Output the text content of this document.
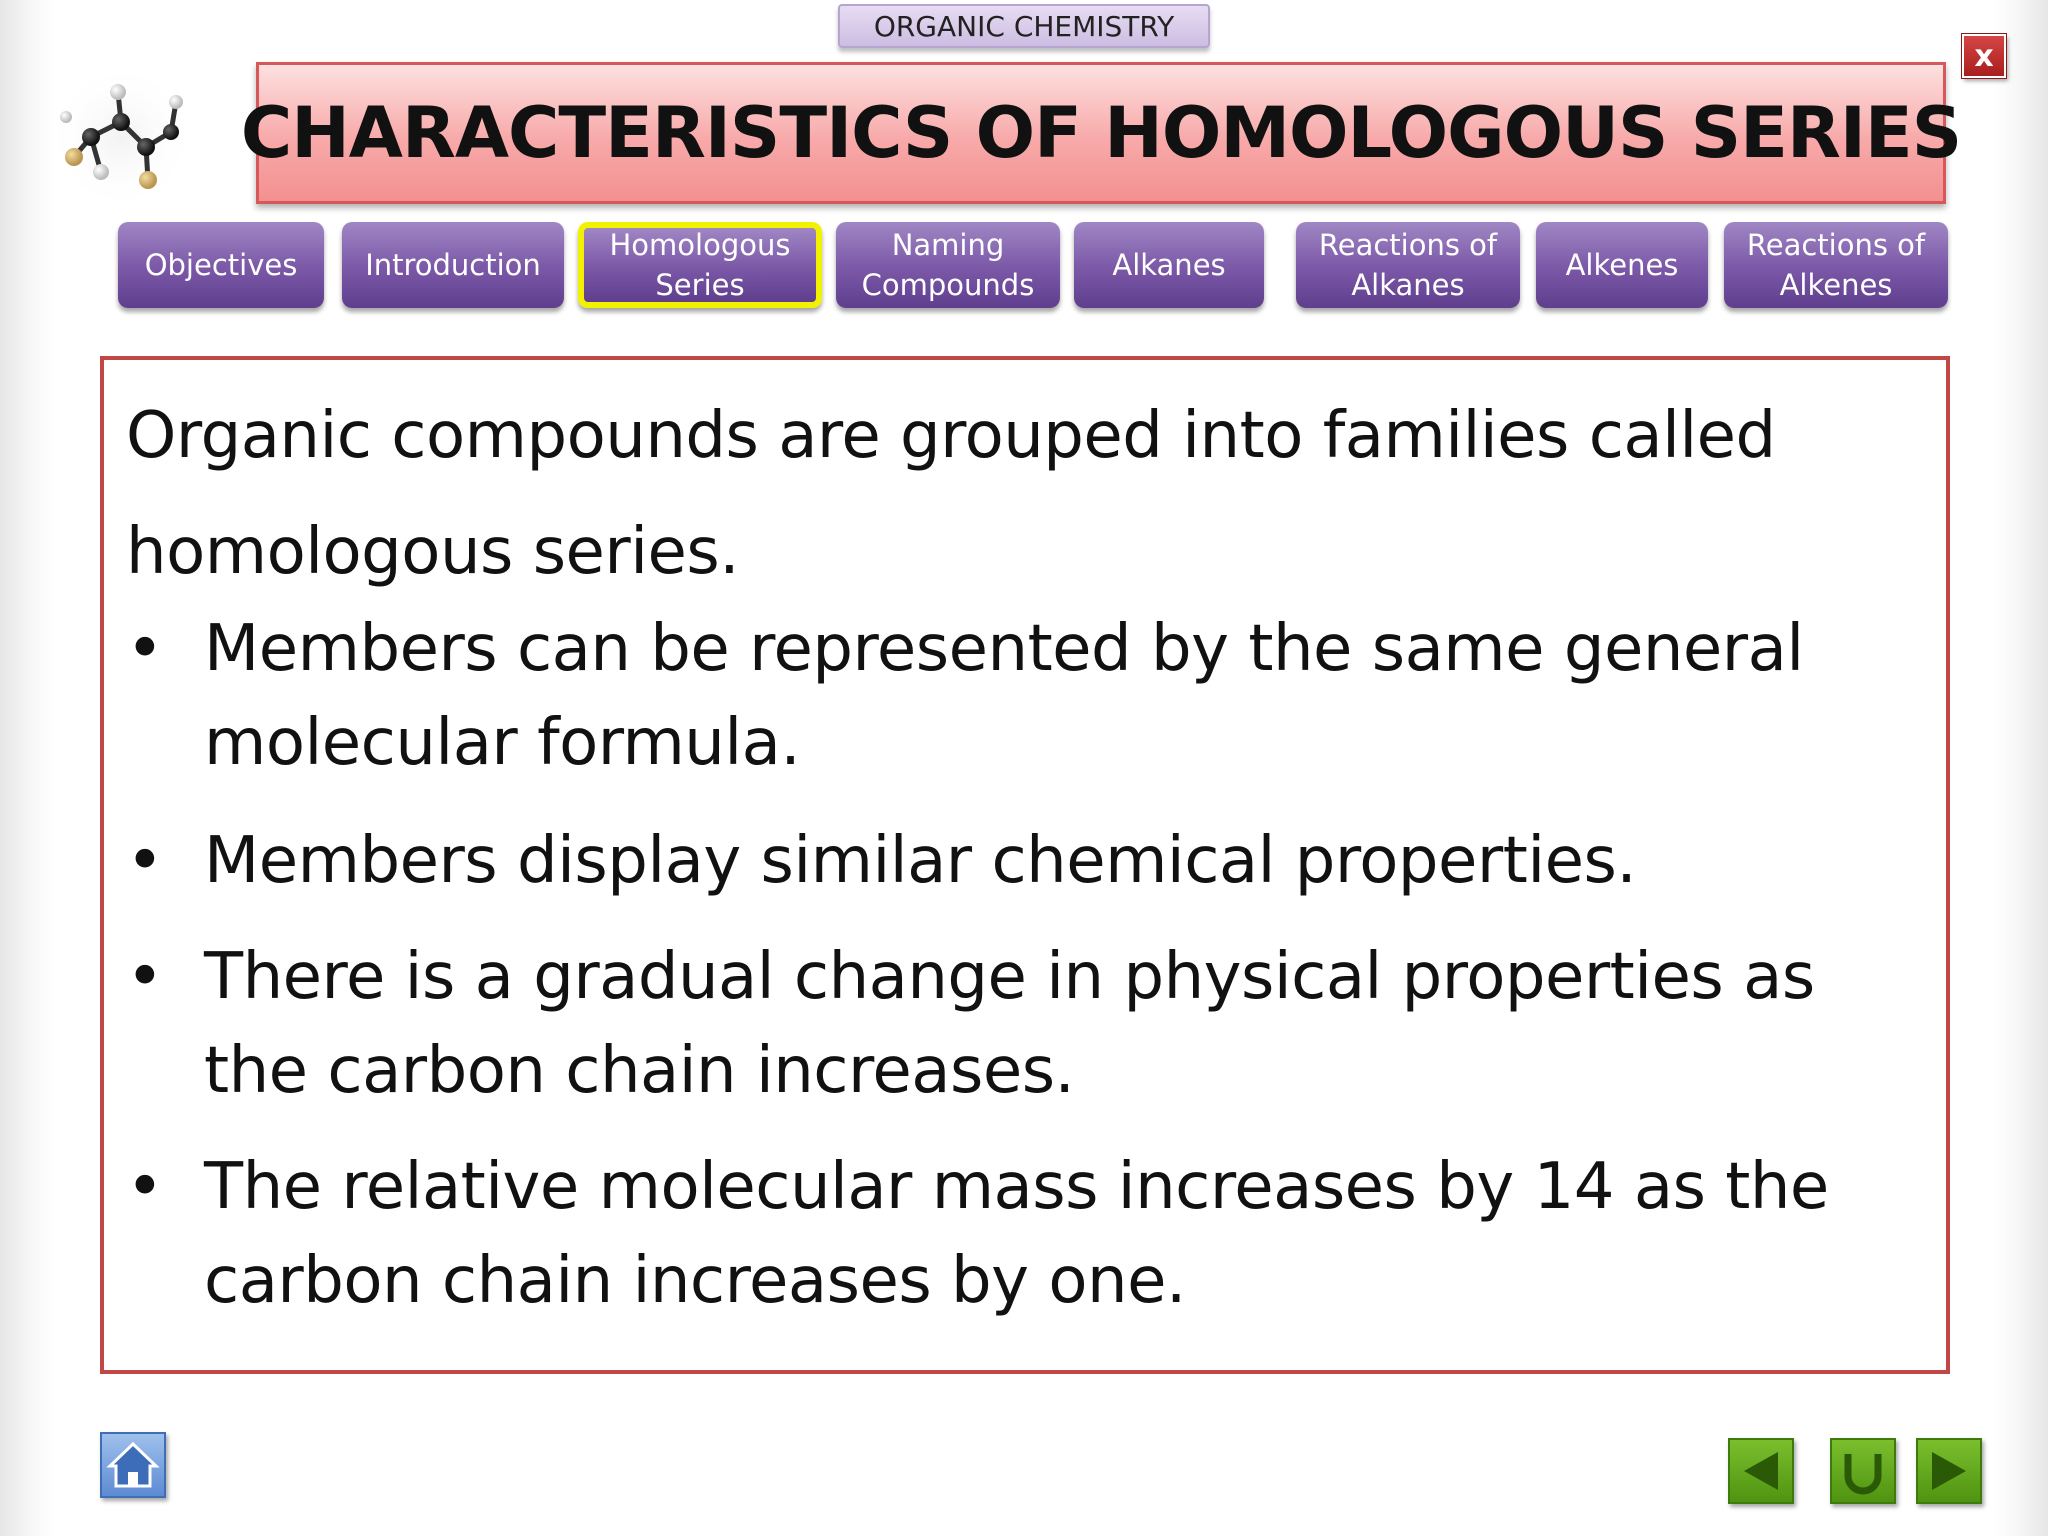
ORGANIC CHEMISTRY
x
CHARACTERISTICS OF HOMOLOGOUS SERIES
Objectives	Introduction
Homologous
Series
Naming
Compounds
Alkanes
Reactions of
Alkanes
Alkenes
Reactions of
Alkenes
Organic compounds are grouped into families called homologous series.
• Members can be represented by the same general molecular formula.
• Members display similar chemical properties.
• There is a gradual change in physical properties as the carbon chain increases.
• The relative molecular mass increases by 14 as the carbon chain increases by one.
